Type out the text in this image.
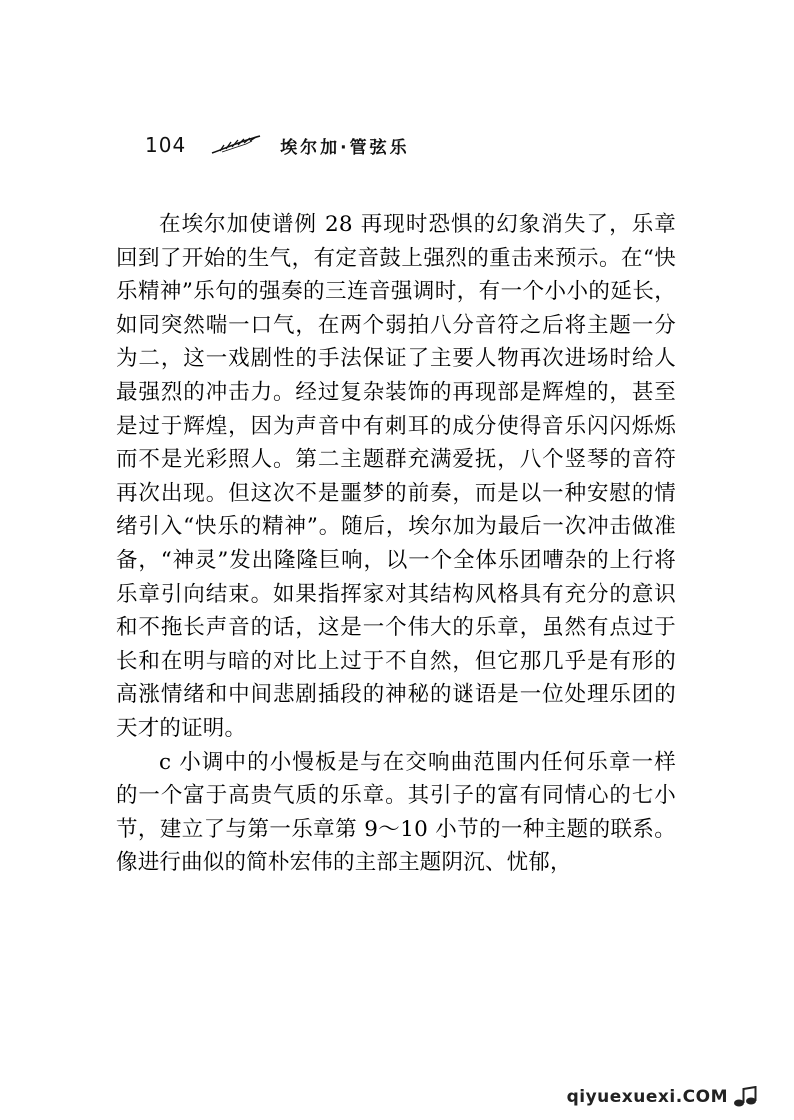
104	埃尔加·管弦乐

在埃尔加使谱例 28 再现时恐惧的幻象消失了，乐章回到了开始的生气，有定音鼓上强烈的重击来预示。在“快乐精神”乐句的强奏的三连音强调时，有一个小小的延长，如同突然喘一口气，在两个弱拍八分音符之后将主题一分为二，这一戏剧性的手法保证了主要人物再次进场时给人最强烈的冲击力。经过复杂装饰的再现部是辉煌的，甚至是过于辉煌，因为声音中有刺耳的成分使得音乐闪闪烁烁而不是光彩照人。第二主题群充满爱抚，八个竖琴的音符再次出现。但这次不是噩梦的前奏，而是以一种安慰的情绪引入“快乐的精神”。随后，埃尔加为最后一次冲击做准备，“神灵”发出隆隆巨响，以一个全体乐团嘈杂的上行将乐章引向结束。如果指挥家对其结构风格具有充分的意识和不拖长声音的话，这是一个伟大的乐章，虽然有点过于长和在明与暗的对比上过于不自然，但它那几乎是有形的高涨情绪和中间悲剧插段的神秘的谜语是一位处理乐团的天才的证明。

c 小调中的小慢板是与在交响曲范围内任何乐章一样的一个富于高贵气质的乐章。其引子的富有同情心的七小节，建立了与第一乐章第 9～10 小节的一种主题的联系。像进行曲似的简朴宏伟的主部主题阴沉、忧郁，

qiyuexuexi.COM
